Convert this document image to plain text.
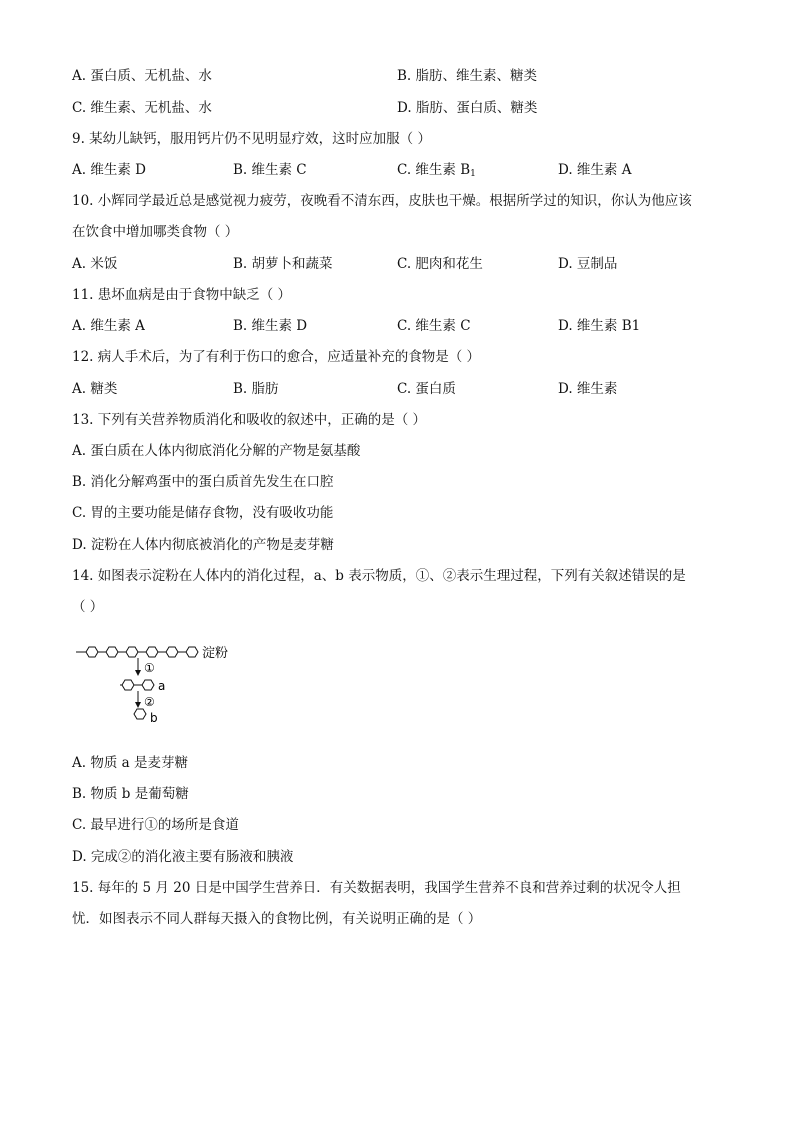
A. 蛋白质、无机盐、水	B. 脂肪、维生素、糖类
C. 维生素、无机盐、水	D. 脂肪、蛋白质、糖类
9. 某幼儿缺钙，服用钙片仍不见明显疗效，这时应加服（ ）
A. 维生素 D	B. 维生素 C	C. 维生素 $B_1$	D. 维生素 A
10. 小辉同学最近总是感觉视力疲劳，夜晚看不清东西，皮肤也干燥。根据所学过的知识，你认为他应该
在饮食中增加哪类食物（ ）
A. 米饭	B. 胡萝卜和蔬菜	C. 肥肉和花生	D. 豆制品
11. 患坏血病是由于食物中缺乏（ ）
A. 维生素 A	B. 维生素 D	C. 维生素 C	D. 维生素 B1
12. 病人手术后，为了有利于伤口的愈合，应适量补充的食物是（ ）
A. 糖类	B. 脂肪	C. 蛋白质	D. 维生素
13. 下列有关营养物质消化和吸收的叙述中，正确的是（ ）
A. 蛋白质在人体内彻底消化分解的产物是氨基酸
B. 消化分解鸡蛋中的蛋白质首先发生在口腔
C. 胃的主要功能是储存食物，没有吸收功能
D. 淀粉在人体内彻底被消化的产物是麦芽糖
14. 如图表示淀粉在人体内的消化过程，a、b 表示物质，①、②表示生理过程，下列有关叙述错误的是
（ ）
淀粉
①
a
②
b
A. 物质 a 是麦芽糖
B. 物质 b 是葡萄糖
C. 最早进行①的场所是食道
D. 完成②的消化液主要有肠液和胰液
15. 每年的 5 月 20 日是中国学生营养日．有关数据表明，我国学生营养不良和营养过剩的状况令人担
忧．如图表示不同人群每天摄入的食物比例，有关说明正确的是（ ）
